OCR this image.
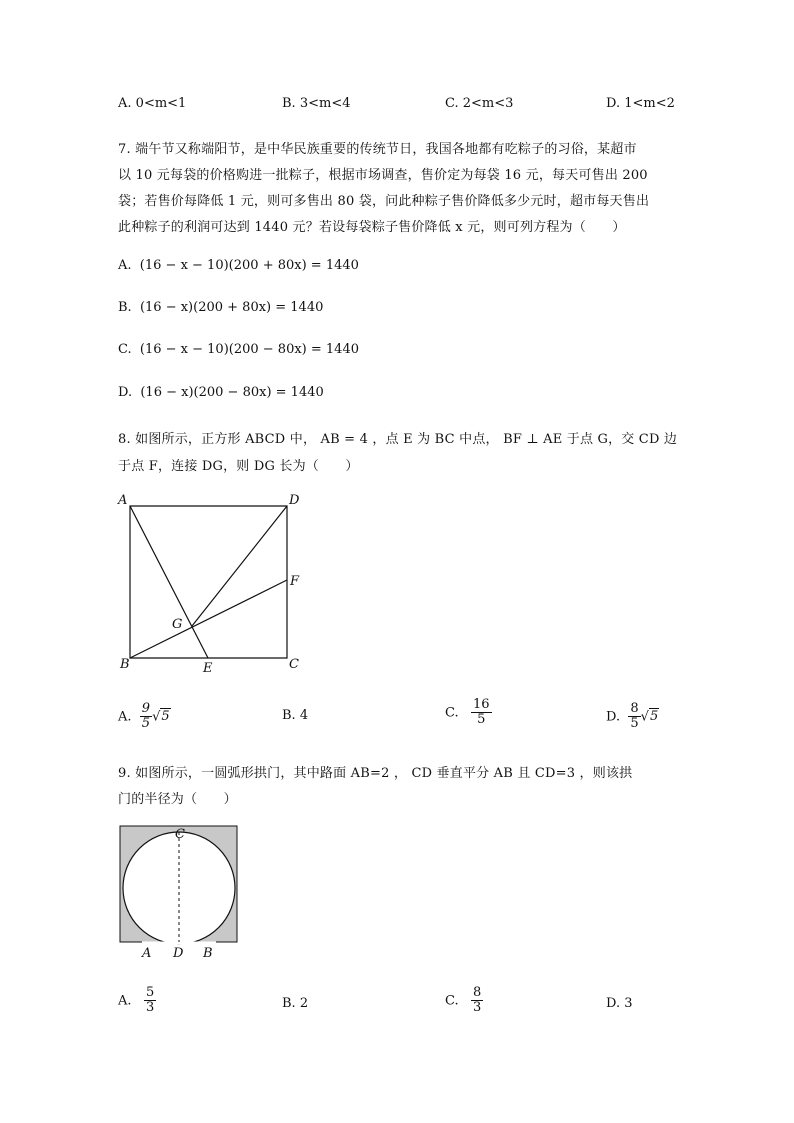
A. 0<m<1	B. 3<m<4	C. 2<m<3	D. 1<m<2
7. 端午节又称端阳节，是中华民族重要的传统节日，我国各地都有吃粽子的习俗，某超市
以 10 元每袋的价格购进一批粽子，根据市场调查，售价定为每袋 16 元，每天可售出 200
袋；若售价每降低 1 元，则可多售出 80 袋，问此种粽子售价降低多少元时，超市每天售出
此种粽子的利润可达到 1440 元？若设每袋粽子售价降低 x 元，则可列方程为（　　）
A. (16 − x − 10)(200 + 80x) = 1440
B. (16 − x)(200 + 80x) = 1440
C. (16 − x − 10)(200 − 80x) = 1440
D. (16 − x)(200 − 80x) = 1440
8. 如图所示，正方形 ABCD 中， AB = 4 ，点 E 为 BC 中点， BF ⊥ AE 于点 G，交 CD 边
于点 F，连接 DG，则 DG 长为（　　）
A	D
F
G
B	E	C
A. $\frac{9}{5} √5$	B. 4	C. $\frac{16}{5}$	D. $\frac{8}{5} √5$
9. 如图所示，一圆弧形拱门，其中路面 AB=2 ， CD 垂直平分 AB 且 CD=3 ，则该拱
门的半径为（　　）
C
A D B
A. $\frac{5}{3}$	B. 2	C. $\frac{8}{3}$	D. 3
